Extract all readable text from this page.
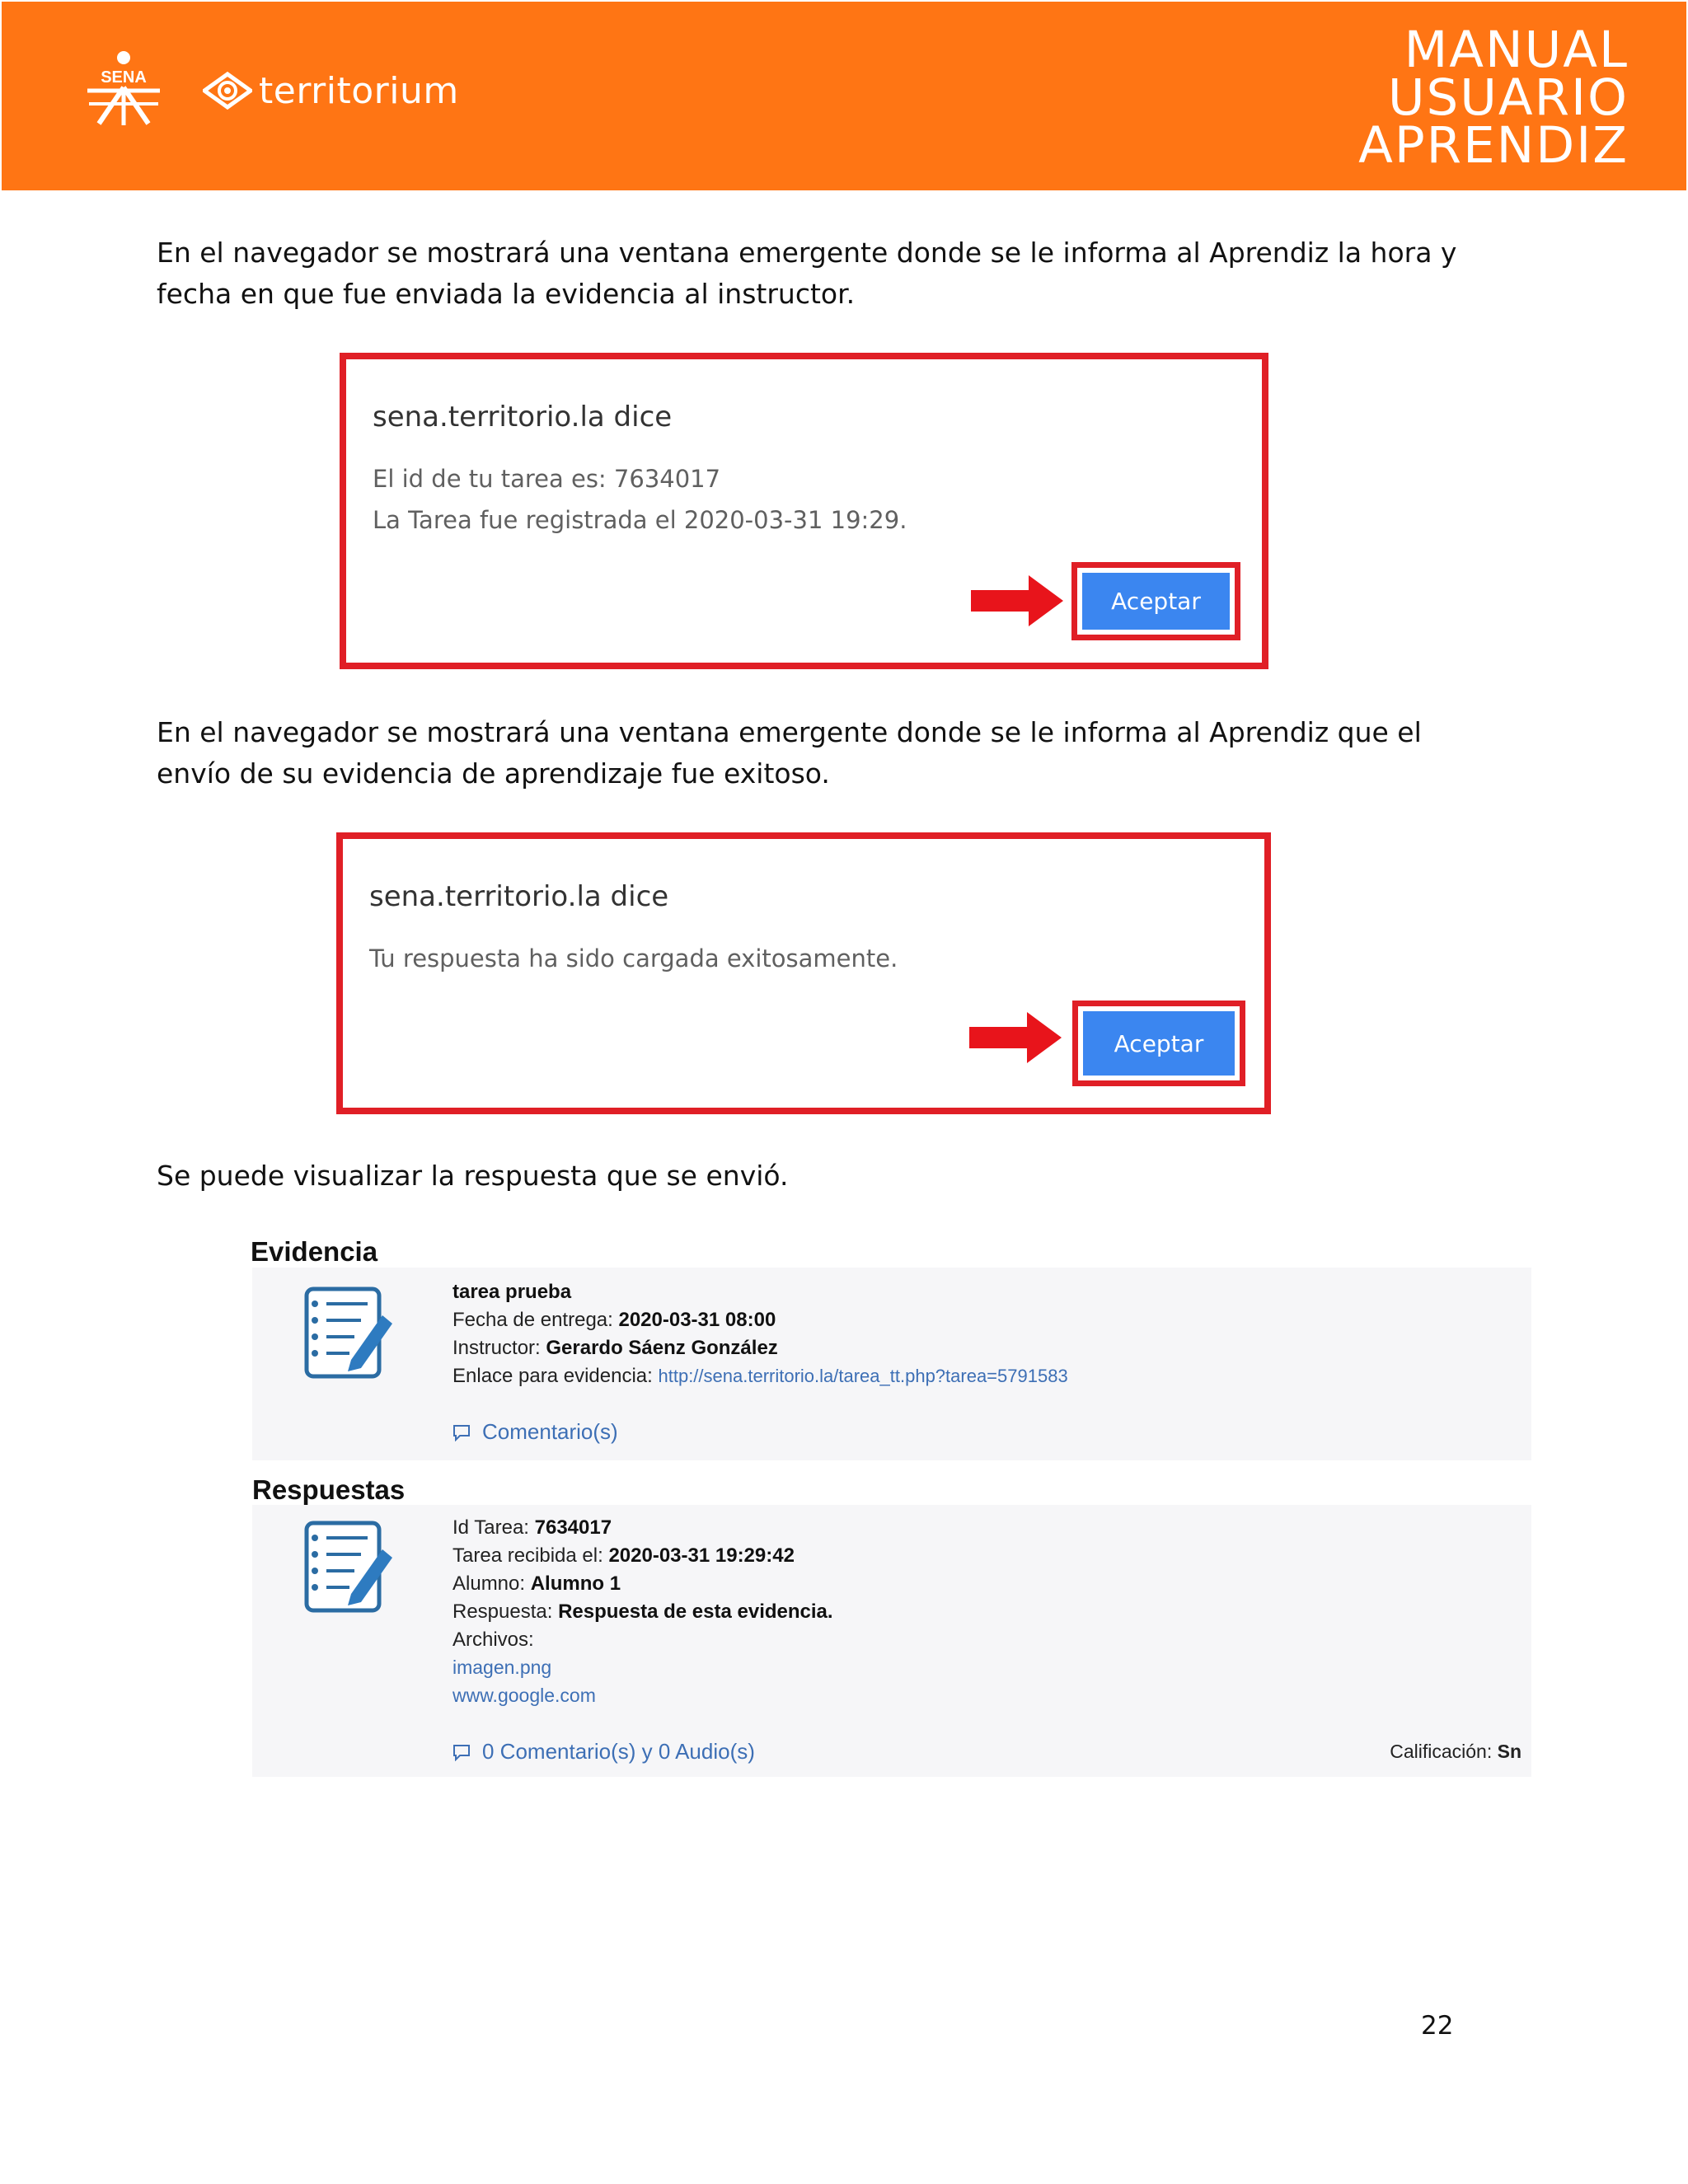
SENA	territorium
MANUAL
USUARIO
APRENDIZ
En el navegador se mostrará una ventana emergente donde se le informa al Aprendiz la hora y fecha en que fue enviada la evidencia al instructor.
sena.territorio.la dice
El id de tu tarea es: 7634017
La Tarea fue registrada el 2020-03-31 19:29.
Aceptar
En el navegador se mostrará una ventana emergente donde se le informa al Aprendiz que el envío de su evidencia de aprendizaje fue exitoso.
sena.territorio.la dice
Tu respuesta ha sido cargada exitosamente.
Aceptar
Se puede visualizar la respuesta que se envió.
Evidencia
tarea prueba
Fecha de entrega: 2020-03-31 08:00
Instructor: Gerardo Sáenz González
Enlace para evidencia: http://sena.territorio.la/tarea_tt.php?tarea=5791583
Comentario(s)
Respuestas
Id Tarea: 7634017
Tarea recibida el: 2020-03-31 19:29:42
Alumno: Alumno 1
Respuesta: Respuesta de esta evidencia.
Archivos:
imagen.png
www.google.com
0 Comentario(s) y 0 Audio(s)	Calificación: Sn
22
